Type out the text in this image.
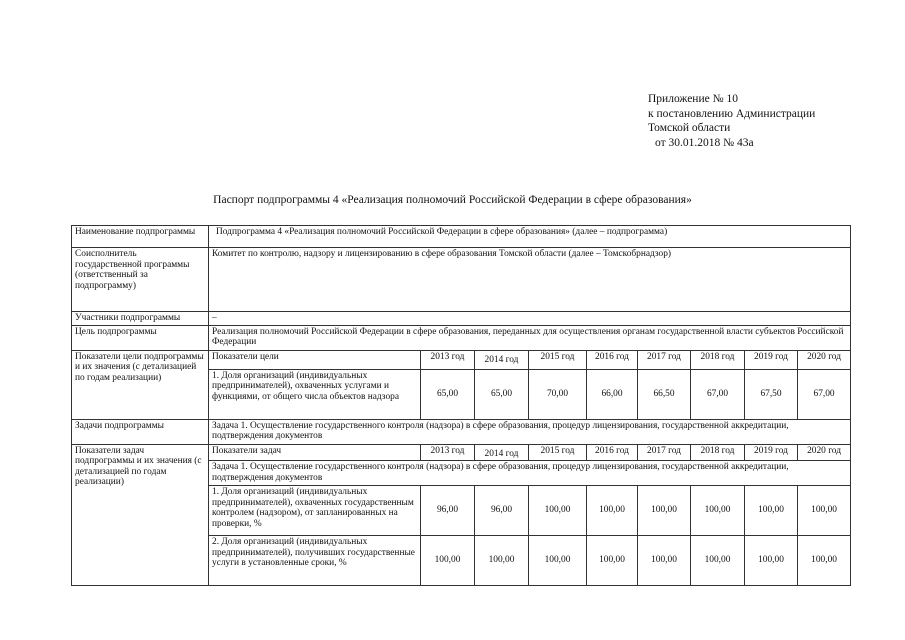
Приложение № 10
к постановлению Администрации
Томской области
от 30.01.2018 № 43а
Паспорт подпрограммы 4 «Реализация полномочий Российской Федерации в сфере образования»
Наименование подпрограммы	Подпрограмма 4 «Реализация полномочий Российской Федерации в сфере образования» (далее – подпрограмма)								
Соисполнитель государственной программы (ответственный за подпрограмму)	Комитет по контролю, надзору и лицензированию в сфере образования Томской области (далее – Томскобрнадзор)								
Участники подпрограммы	–								
Цель подпрограммы	Реализация полномочий Российской Федерации в сфере образования, переданных для осуществления органам государственной власти субъектов Российской Федерации								
Показатели цели подпрограммы и их значения (с детализацией по годам реализации)	Показатели цели	2013 год	2014 год	2015 год	2016 год	2017 год	2018 год	2019 год	2020 год
	1. Доля организаций (индивидуальных предпринимателей), охваченных услугами и функциями, от общего числа объектов надзора	65,00	65,00	70,00	66,00	66,50	67,00	67,50	67,00
Задачи подпрограммы	Задача 1. Осуществление государственного контроля (надзора) в сфере образования, процедур лицензирования, государственной аккредитации, подтверждения документов								
Показатели задач подпрограммы и их значения (с детализацией по годам реализации)	Показатели задач	2013 год	2014 год	2015 год	2016 год	2017 год	2018 год	2019 год	2020 год
	Задача 1. Осуществление государственного контроля (надзора) в сфере образования, процедур лицензирования, государственной аккредитации, подтверждения документов								
	1. Доля организаций (индивидуальных предпринимателей), охваченных государственным контролем (надзором), от запланированных на проверки, %	96,00	96,00	100,00	100,00	100,00	100,00	100,00	100,00
	2. Доля организаций (индивидуальных предпринимателей), получивших государственные услуги в установленные сроки, %	100,00	100,00	100,00	100,00	100,00	100,00	100,00	100,00
